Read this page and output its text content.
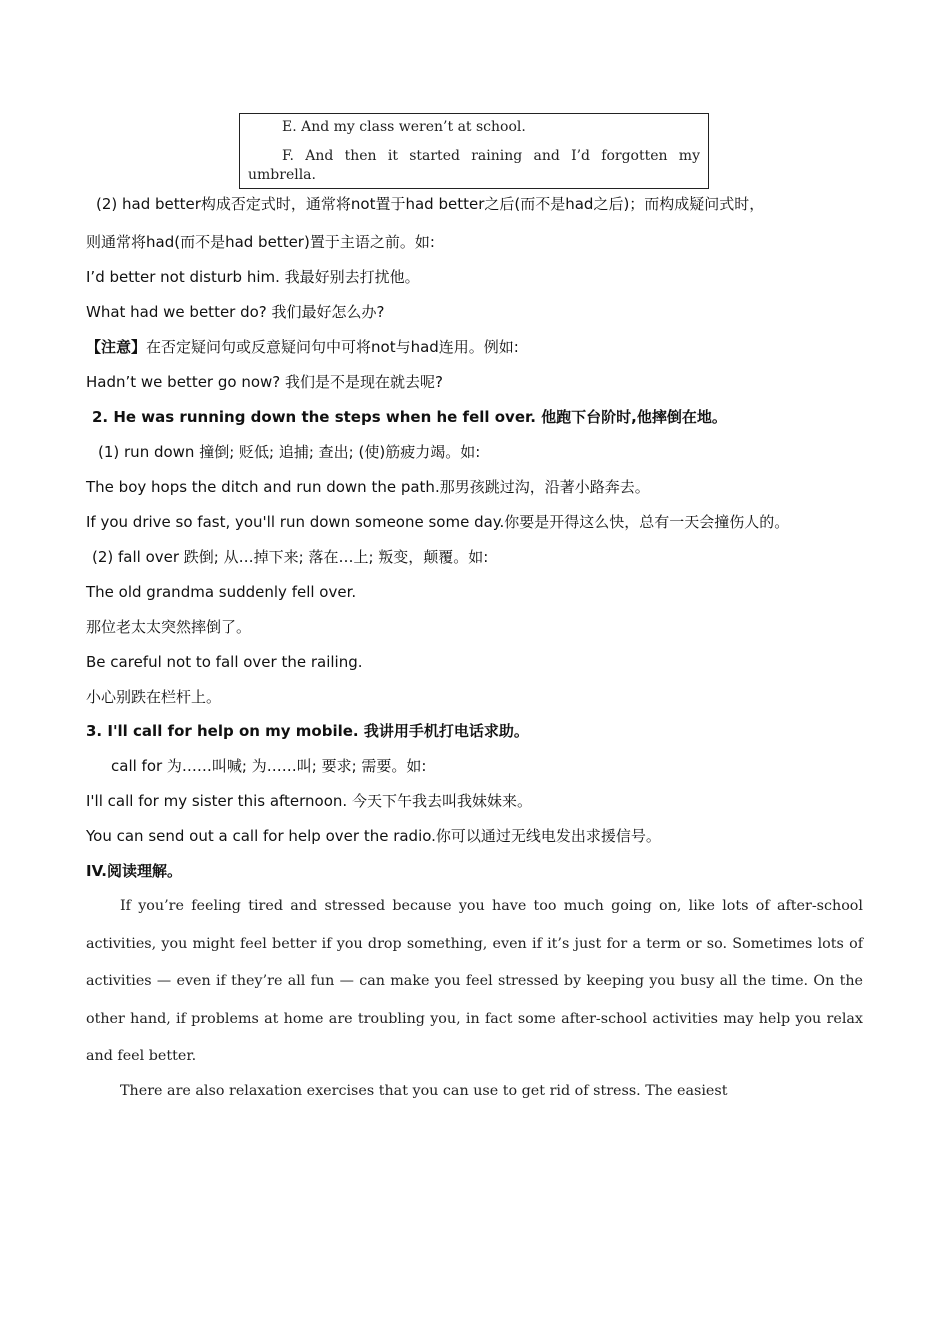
E. And my class weren’t at school.
F. And then it started raining and I’d forgotten my umbrella.
(2) had better构成否定式时，通常将not置于had better之后(而不是had之后)；而构成疑问式时，
则通常将had(而不是had better)置于主语之前。如:
I’d better not disturb him. 我最好别去打扰他。
What had we better do? 我们最好怎么办?
【注意】在否定疑问句或反意疑问句中可将not与had连用。例如:
Hadn’t we better go now? 我们是不是现在就去呢?
2. He was running down the steps when he fell over. 他跑下台阶时,他摔倒在地。
(1) run down 撞倒; 贬低; 追捕; 查出; (使)筋疲力竭。如:
The boy hops the ditch and run down the path.那男孩跳过沟，沿著小路奔去。
If you drive so fast, you'll run down someone some day.你要是开得这么快，总有一天会撞伤人的。
(2) fall over 跌倒; 从…掉下来; 落在…上; 叛变，颠覆。如:
The old grandma suddenly fell over.
那位老太太突然摔倒了。
Be careful not to fall over the railing.
小心别跌在栏杆上。
3. I'll call for help on my mobile. 我讲用手机打电话求助。
call for 为……叫喊; 为……叫; 要求; 需要。如:
I'll call for my sister this afternoon. 今天下午我去叫我妹妹来。
You can send out a call for help over the radio.你可以通过无线电发出求援信号。
IV.阅读理解。
If you’re feeling tired and stressed because you have too much going on, like lots of after-school activities, you might feel better if you drop something, even if it’s just for a term or so. Sometimes lots of activities — even if they’re all fun — can make you feel stressed by keeping you busy all the time. On the other hand, if problems at home are troubling you, in fact some after-school activities may help you relax and feel better.
There are also relaxation exercises that you can use to get rid of stress. The easiest
